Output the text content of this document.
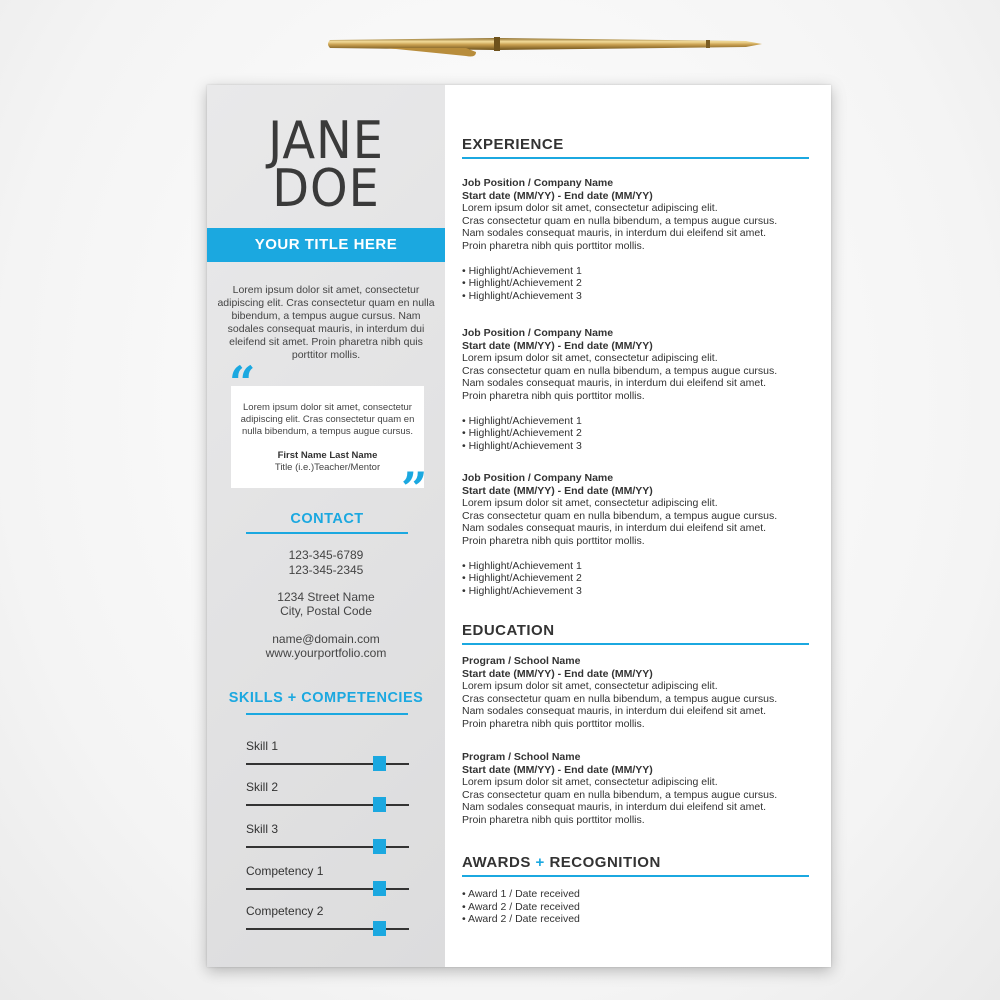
JANE
DOE
YOUR TITLE HERE
Lorem ipsum dolor sit amet, consectetur adipiscing elit. Cras consectetur quam en nulla bibendum, a tempus augue cursus. Nam sodales consequat mauris, in interdum dui eleifend sit amet. Proin pharetra nibh quis porttitor mollis.
Lorem ipsum dolor sit amet, consectetur adipiscing elit. Cras consectetur quam en nulla bibendum, a tempus augue cursus.
First Name Last Name
Title (i.e.)Teacher/Mentor
“
”
CONTACT
123-345-6789
123-345-2345
1234 Street Name
City, Postal Code
name@domain.com
www.yourportfolio.com
SKILLS + COMPETENCIES
Skill 1
Skill 2
Skill 3
Competency 1
Competency 2
EXPERIENCE
Job Position / Company Name
Start date (MM/YY) - End date (MM/YY)
Lorem ipsum dolor sit amet, consectetur adipiscing elit.
Cras consectetur quam en nulla bibendum, a tempus augue cursus.
Nam sodales consequat mauris, in interdum dui eleifend sit amet.
Proin pharetra nibh quis porttitor mollis.
• Highlight/Achievement 1
• Highlight/Achievement 2
• Highlight/Achievement 3
Job Position / Company Name
Start date (MM/YY) - End date (MM/YY)
Lorem ipsum dolor sit amet, consectetur adipiscing elit.
Cras consectetur quam en nulla bibendum, a tempus augue cursus.
Nam sodales consequat mauris, in interdum dui eleifend sit amet.
Proin pharetra nibh quis porttitor mollis.
• Highlight/Achievement 1
• Highlight/Achievement 2
• Highlight/Achievement 3
Job Position / Company Name
Start date (MM/YY) - End date (MM/YY)
Lorem ipsum dolor sit amet, consectetur adipiscing elit.
Cras consectetur quam en nulla bibendum, a tempus augue cursus.
Nam sodales consequat mauris, in interdum dui eleifend sit amet.
Proin pharetra nibh quis porttitor mollis.
• Highlight/Achievement 1
• Highlight/Achievement 2
• Highlight/Achievement 3
EDUCATION
Program / School Name
Start date (MM/YY) - End date (MM/YY)
Lorem ipsum dolor sit amet, consectetur adipiscing elit.
Cras consectetur quam en nulla bibendum, a tempus augue cursus.
Nam sodales consequat mauris, in interdum dui eleifend sit amet.
Proin pharetra nibh quis porttitor mollis.
Program / School Name
Start date (MM/YY) - End date (MM/YY)
Lorem ipsum dolor sit amet, consectetur adipiscing elit.
Cras consectetur quam en nulla bibendum, a tempus augue cursus.
Nam sodales consequat mauris, in interdum dui eleifend sit amet.
Proin pharetra nibh quis porttitor mollis.
AWARDS + RECOGNITION
• Award 1 / Date received
• Award 2 / Date received
• Award 2 / Date received
